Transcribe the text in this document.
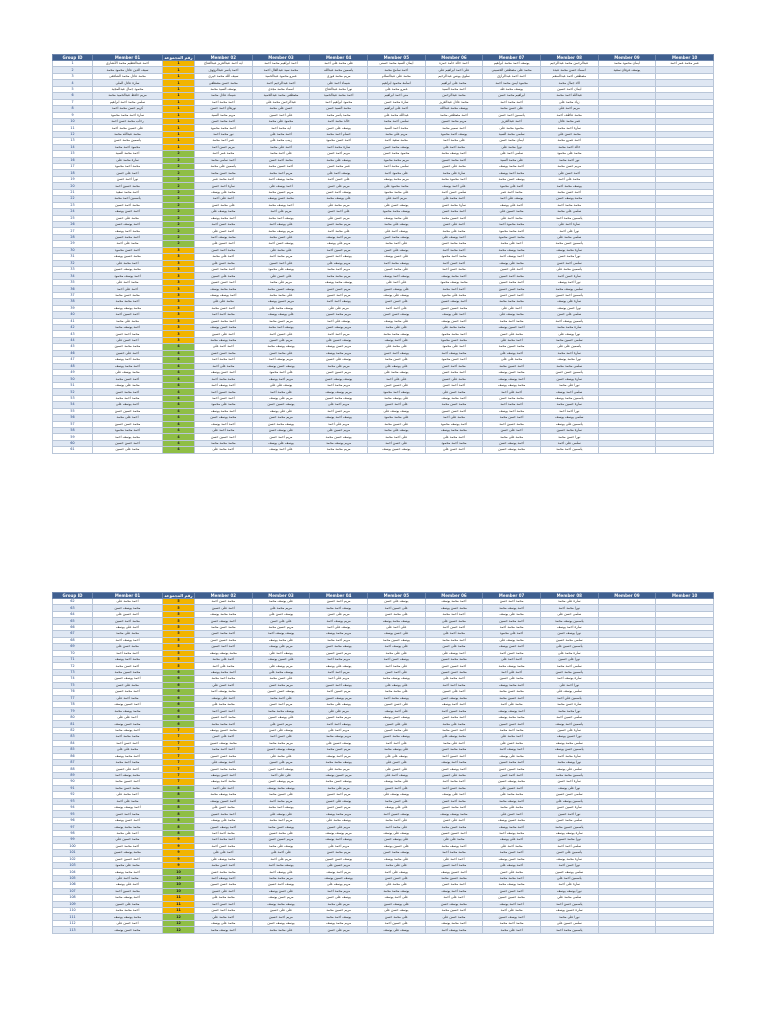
Group ID	Member 01	رقم المجموعة	Member 02	Member 03	Member 04	Member 05	Member 06	Member 07	Member 08	Member 09	Member 10
1	احمد عبدالعظيم محمد الأنصاري	1	ايه احمد عبدالعزيز عبدالفتاح	احمد ابراهيم محمد احمد	على محمد على احمد	ايمان السيد محمد حسنى	احمد خالد حامد حمزه	يوسف احمد محمد ابراهيم	عبدالرحمن محمد عبدالرحيم	ايمان محمود محمد	عمر محمد عمر احمد
2	سيف الدين عادل محمود محمد	1	احمد ياسر عبدالرؤوف	محمد سيد عبدالعال احمد	ياسمين محمد عبدالله	احمد سامح محمد	على احمد ابراهيم على	محمد على مصطفى الحسينى	اسماء حسن محمد عبده	يوسف عرفان سعيد	
3	محمد عادل محمد الشافعى	1	سيف الله محمد خيرى	عمرو محمود عبدالحميد	مريم محمد فوزى	محمد على عبدالسلام	سلوى يونس عبدالرحيم	احمد احمد عبدالرازق	مصطفى احمد عبدالمنعم		
4	سارة عادل الملى	1	محمد حسن مصطفى	احمد عبدالرحيم احمد	شيماء احمد على	اسامة محمود ابراهيم	محمد على ابراهيم	محمود ايمن محمد احمد	الاء جمال محمد		
5	محمود جمال عبدالمجيد	1	يوسف السيد محمد	اسماء محمد مجدى	نورا محمد عبدالفتاح	عمرو محمد على	احمد محمد السيد	يوسف محمد طه	ايمان احمد حسين		
6	مريم حافظ عبدالحميد محمد	1	شيماء عادل محمد	مصطفى محمد عبدالحميد	احمد محمد عبدالحميد	منى احمد ابراهيم	محمد عبدالرحمن	ابراهيم محمد حسن	عبدالله احمد محمد		
7	سلمى محمد احمد ابراهيم	1	احمد محمد احمد	عبدالرحمن محمد على	محمود ابراهيم احمد	سارة محمد حسن	محمد عادل عبدالعزيز	احمد محمد احمد	زياد محمد على		
8	كريم حسن محمد احمد	1	نورهان احمد حسن	حسن على محمد	محمد السيد حسن	احمد على ابراهيم	يوسف محمد عبدالله	على حسن محمد	مريم احمد على		
9	سارة احمد محمد محمود	1	مريم محمد السيد	على احمد حسين	محمد ياسر محمد	عبدالله محمد على	احمد مصطفى محمد	ياسمين احمد حسن	محمد عاطف احمد		
10	رحاب محمد حسن احمد	1	احمد محمد حسن	محمود على محمد	خالد محمد احمد	سلمى احمد محمد	مريم محمد حسين	احمد عبدالعزيز	عمر محمد عادل		
11	على حسين محمد احمد	1	احمد محمد محمود	ايه محمد احمد	يوسف على حسن	محمد احمد السيد	احمد سمير محمد	محمود محمد على	سارة احمد محمد		
12	محمد عبدالله محمد	1	نور محمد احمد	احمد محمد على	حسام احمد محمد	مريم على محمد	يوسف احمد محمود	سلمى محمد السيد	محمد حسن على		
13	ياسمين محمد حسن	1	عمر احمد محمد	زينب محمد على	احمد حسن محمود	محمد سعيد احمد	على محمد احمد	ايمان محمد حسن	احمد عمرو محمد		
14	محمود احمد محمد	1	مريم حسن احمد	احمد على محمد	سارة محمد احمد	يوسف محمد حسن	محمد احمد على	نورا محمد على	خالد احمد محمد		
15	احمد محمد السيد	2	محمد عمر احمد	على احمد محمد	مريم احمد حسن	محمود محمد حسن	احمد يوسف محمد	سلمى احمد على	محمد على محمود		
16	سارة محمد على	2	احمد سامى محمد	محمد احمد حسن	يوسف على محمد	مريم محمد محمود	احمد محمد حسين	على محمد السيد	نور احمد محمد		
17	محمد احمد محمود	2	ياسمين على محمد	احمد حسين محمد	عمر محمد حسن	سلمى محمد احمد	محمد على حسين	احمد محمد يوسف	مريم حسن محمد		
18	احمد على حسن	2	محمد حسن محمد	مريم احمد محمد	يوسف احمد على	على محمود احمد	سارة على محمد	محمد احمد يوسف	احمد حسن على		
19	نورا احمد حسن	2	احمد محمد عمر	محمد يوسف احمد	على حسن احمد	مريم محمد يوسف	احمد محمود محمد	يوسف حسن محمد	محمد على احمد		
20	محمد حسين احمد	2	سارة احمد حسن	احمد يوسف على	مريم على حسن	محمد محمود على	على احمد يوسف	احمد على محمود	يوسف محمد احمد		
21	احمد محمد سعيد	2	محمد على يوسف	مريم حسين محمد	يوسف احمد حسن	على محمد محمود	سلمى حسن احمد	محمد احمد عمر	احمد حسن محمد		
22	ياسمين احمد محمد	2	احمد على احمد	محمد حسن يوسف	على يوسف محمد	مريم احمد على	احمد محمد على	يوسف على احمد	محمد يوسف حسن		
23	محمد احمد حسين	2	على محمد حسن	احمد يوسف محمد	مريم محمد على	يوسف حسن على	سارة محمد حسن	احمد على يوسف	محمد محمد احمد		
24	احمد حسن يوسف	2	محمد يوسف على	مريم على احمد	على احمد حسن	يوسف محمد محمود	احمد محمد حسن	محمد حسين على	سلمى على محمد		
25	محمد على حسن	2	احمد محمد يوسف	يوسف احمد محمد	مريم حسن على	على محمد يوسف	احمد حسين محمد	محمد احمد على	ياسمين محمد احمد		
26	احمد يوسف حسن	2	محمد حسن احمد	على يوسف احمد	مريم محمد حسن	يوسف على محمد	احمد على حسن	محمد محمود احمد	سارة احمد على		
27	محمد احمد يوسف	2	احمد حسن على	مريم يوسف محمد	على محمد احمد	يوسف احمد على	محمد على محمد	احمد محمد محمود	نورا على احمد		
28	احمد محمد حسين	2	محمد يوسف احمد	على حسن محمد	مريم احمد يوسف	يوسف محمد حسن	احمد يوسف على	محمد حسن محمود	سلمى محمد على		
29	محمد على احمد	2	احمد حسين على	يوسف حسن احمد	مريم على يوسف	على احمد محمد	محمد محمد حسن	احمد على محمد	ياسمين حسن محمد		
30	احمد حسن محمود	3	محمد احمد حسن	على محمد على	مريم حسين احمد	يوسف على حسن	احمد محمد احمد	محمد يوسف محمد	سارة محمد يوسف		
31	محمد حسين يوسف	3	احمد على محمد	مريم محمد احمد	يوسف احمد حسين	على حسن يوسف	محمد احمد محمود	احمد يوسف احمد	نورا محمد حسن		
32	احمد محمد على	3	محمد حسن علي	على احمد حسين	مريم يوسف على	يوسف محمد احمد	احمد حسن احمد	محمد على يوسف	سلمى احمد حسن		
33	محمد يوسف حسين	3	احمد محمد حسن	يوسف على محمود	مريم احمد محمد	على محمد حسين	محمد حسن احمد	احمد على حسين	ياسمين محمد على		
34	احمد يوسف محمود	3	محمد على حسين	على حسن علي	مريم محمد محمد	يوسف احمد يوسف	احمد محمد يوسف	محمد احمد حسين	سارة حسن احمد		
35	محمد احمد على	3	احمد حسن حسين	مريم على محمد	يوسف محمد يوسف	على احمد على	محمد يوسف محمود	احمد محمد حسين	نورا احمد يوسف		
36	احمد على احمد	3	محمد محمد يوسف	يوسف حسين محمد	مريم حسن حسن	على يوسف حسين	احمد احمد محمد	محمد حسن حسين	سلمى يوسف محمد		
37	محمد حسن محمد	3	احمد يوسف يوسف	على محمد محمد	مريم احمد حسين	يوسف على يوسف	محمد على محمود	احمد حسن حسن	ياسمين احمد حسين		
38	احمد محمد محمد	3	محمد على على	مريم حسين يوسف	يوسف احمد احمد	على حسن حسن	احمد يوسف حسين	محمد محمد محمد	سارة على يوسف		
39	محمد يوسف يوسف	3	احمد حسن محمد	يوسف محمد على	مريم على على	على احمد احمد	محمد حسين حسين	احمد على على	نورا حسن يوسف		
40	احمد حسين احمد	3	محمد احمد احمد	على يوسف يوسف	مريم محمد حسين	يوسف حسن حسن	احمد على يوسف	محمد يوسف على	سلمى على حسن		
41	محمد على محمد	3	احمد محمد حسين	مريم حسن محمد	يوسف على احمد	على محمد يوسف	احمد حسن يوسف	محمد احمد محمد	ياسمين يوسف احمد		
42	احمد يوسف محمد	3	محمد حسن يوسف	يوسف احمد محمد	مريم يوسف حسن	على على محمد	محمد محمد على	احمد حسين يوسف	سارة محمد محمد		
43	محمد احمد حسن	3	احمد على حسين	على حسين احمد	مريم احمد احمد	يوسف محمد محمد	احمد محمد محمود	محمد على حسن	نورا يوسف على		
44	احمد حسن على	3	محمد يوسف محمد	مريم على حسين	يوسف حسين على	على احمد يوسف	محمد حسن محمود	احمد محمد على	سلمى حسين محمد		
45	محمد محمد حسين	4	احمد احمد على	يوسف يوسف محمد	مريم حسن يوسف	على محمد على	احمد على محمود	محمد حسين محمد	ياسمين على على		
46	احمد على حسين	4	محمد حسن حسن	على محمد حسن	مريم محمد يوسف	يوسف احمد حسن	محمد يوسف احمد	احمد يوسف على	سارة احمد محمد		
47	محمد احمد يوسف	4	احمد محمد احمد	مريم يوسف احمد	يوسف على حسين	على حسن محمد	احمد حسن محمود	محمد على على	نورا محمد يوسف		
48	احمد محمد يوسف	4	محمد على احمد	يوسف حسن يوسف	مريم على محمد	على يوسف على	محمد احمد حسن	احمد حسين محمد	سلمى محمد محمد		
49	محمد يوسف على	4	احمد حسن يوسف	على احمد محمود	مريم حسين حسن	يوسف محمد على	احمد محمد حسن	محمد حسن يوسف	ياسمين حسن حسن		
50	احمد حسن محمد	4	محمد محمد احمد	مريم احمد يوسف	يوسف يوسف حسن	على على احمد	محمد على حسين	احمد يوسف يوسف	سارة يوسف حسن		
51	محمد على يوسف	4	احمد يوسف احمد	يوسف على على	مريم محمد احمد	على حسين حسن	احمد احمد حسن	محمد يوسف يوسف	نورا على محمد		
52	احمد محمد حسن	4	محمد حسين احمد	على محمد احمد	مريم يوسف يوسف	يوسف احمد محمود	محمد حسن على	احمد على احمد	سلمى احمد يوسف		
53	محمد احمد محمد	4	احمد حسن احمد	مريم على يوسف	يوسف محمد حسين	على يوسف محمد	احمد محمد يوسف	محمد محمد حسن	ياسمين محمد يوسف		
54	احمد يوسف على	4	محمد على محمود	يوسف حسين حسن	مريم احمد على	على احمد حسين	محمد حسن محمد	احمد محمد احمد	سارة حسين محمد		
55	محمد حسين حسن	4	احمد محمد يوسف	على على يوسف	مريم حسن احمد	يوسف يوسف على	احمد حسن حسين	محمد احمد يوسف	نورا احمد احمد		
56	احمد على محمد	4	محمد يوسف حسن	مريم محمد حسن	يوسف احمد يوسف	على محمد محمود	محمد على احمد	احمد حسن محمد	سلمى يوسف يوسف		
57	محمد حسن حسين	4	احمد احمد يوسف	يوسف محمد حسن	مريم على احمد	على حسين محمد	احمد يوسف محمود	محمد حسين احمد	ياسمين على يوسف		
58	احمد محمد محمود	4	محمد احمد على	على يوسف حسن	مريم حسين على	يوسف على محمد	محمد محمد يوسف	احمد على حسن	سارة محمد حسين		
59	محمد يوسف احمد	4	احمد حسين حسن	مريم احمد حسن	يوسف حسن محمد	على احمد محمد	احمد محمد على	محمد على محمد	نورا حسن محمد		
60	احمد حسن حسين	4	محمد محمد محمد	يوسف على يوسف	مريم يوسف محمد	على حسن احمد	محمد احمد محمود	احمد يوسف حسن	سلمى على احمد		
61	محمد على حسين	4	احمد محمد على	على احمد يوسف	مريم محمد محمد	يوسف حسين يوسف	احمد حسن علي	محمد يوسف حسين	ياسمين احمد محمد		
Group ID	Member 01	رقم المجموعة	Member 02	Member 03	Member 04	Member 05	Member 06	Member 07	Member 08	Member 09	Member 10
62	احمد محمد على	5	محمد حسن احمد	على يوسف محمد	مريم احمد حسين	يوسف على حسن	احمد محمد يوسف	محمد احمد حسن	سارة على محمد		
63	محمد يوسف حسن	5	احمد على حسين	مريم محمد على	يوسف احمد محمد	على حسين احمد	محمد حسن يوسف	احمد يوسف محمد	نورا محمد احمد		
64	احمد حسين على	5	محمد محمد يوسف	يوسف حسن على	مريم على حسن	على محمد حسن	احمد احمد محمد	محمد على يوسف	سلمى حسن على		
65	محمد احمد حسين	5	احمد يوسف حسن	على على حسن	مريم يوسف احمد	يوسف محمد يوسف	محمد حسين على	احمد محمد حسين	ياسمين يوسف محمد		
66	احمد على يوسف	5	محمد حسن محمد	مريم حسين محمد	يوسف على احمد	على احمد على	احمد حسن احمد	محمد محمد احمد	سارة احمد يوسف		
67	محمد على محمد	5	احمد محمد حسن	يوسف يوسف احمد	مريم محمد يوسف	على حسن يوسف	محمد احمد على	احمد على محمود	نورا يوسف حسن		
68	احمد يوسف احمد	5	محمد حسين حسن	على محمد يوسف	مريم احمد محمد	يوسف حسين محمد	احمد محمد محمد	محمد يوسف على	سلمى محمد حسين		
69	محمد حسن على	5	احمد احمد حسين	مريم على يوسف	يوسف محمد حسن	على يوسف احمد	محمد على حسن	احمد حسن يوسف	ياسمين حسين على		
70	احمد محمد احمد	5	محمد يوسف يوسف	يوسف احمد على	مريم حسن حسين	على على محمد	احمد يوسف على	محمد حسن احمد	سارة محمد على		
71	محمد احمد يوسف	5	احمد على محمد	على حسين يوسف	مريم محمد احمد	يوسف حسن احمد	محمد محمد حسين	احمد احمد على	نورا على حسين		
72	احمد حسن محمد	5	محمد على احمد	مريم يوسف على	يوسف على يوسف	على محمد احمد	احمد حسين حسن	محمد يوسف محمد	سلمى احمد محمد		
73	محمد حسين محمد	6	احمد محمد يوسف	يوسف محمد على	مريم احمد احمد	على احمد حسن	محمد حسن حسين	احمد على احمد	ياسمين محمد حسن		
74	احمد يوسف حسين	6	محمد احمد محمد	على حسن محمد	مريم على احمد	يوسف يوسف محمد	احمد محمد على	محمد على حسين	سارة يوسف احمد		
75	محمد على حسن	6	احمد حسن علي	مريم محمد حسن	يوسف احمد حسين	على يوسف على	محمد احمد احمد	احمد محمد يوسف	نورا احمد على		
76	احمد محمد حسين	6	محمد يوسف احمد	يوسف حسن حسين	مريم حسين احمد	على محمد محمد	احمد على حسين	محمد حسن محمد	سلمى يوسف على		
77	محمد احمد على	6	احمد على يوسف	على احمد محمد	مريم يوسف حسين	يوسف محمد احمد	محمد يوسف حسن	احمد حسين محمد	ياسمين علي احمد		
78	احمد حسين يوسف	6	محمد محمد على	مريم احمد حسن	يوسف على محمد	على حسن حسين	احمد احمد يوسف	محمد على احمد	سارة حسن محمد		
79	محمد يوسف محمد	6	احمد حسن احمد	يوسف محمد محمد	مريم على على	على احمد يوسف	محمد حسين احمد	احمد يوسف يوسف	نورا محمد محمد		
80	احمد على على	6	محمد احمد حسين	على يوسف حسين	مريم محمد حسين	يوسف حسن يوسف	احمد محمد حسن	محمد محمد يوسف	سلمى حسين احمد		
81	محمد حسن يوسف	6	احمد محمد محمد	مريم حسن على	يوسف احمد احمد	على على حسين	محمد على محمد	احمد حسن حسين	ياسمين احمد يوسف		
82	احمد يوسف محمد	7	محمد حسين يوسف	يوسف على حسن	مريم احمد على	على محمد حسين	احمد حسن محمد	محمد احمد محمد	سارة على حسين		
83	محمد محمد احمد	7	احمد على حسن	على حسن احمد	مريم يوسف محمد	يوسف محمد حسين	محمد يوسف على	احمد محمد على	نورا حسين يوسف		
84	احمد حسن احمد	7	محمد يوسف حسين	مريم محمد محمد	يوسف حسين على	على احمد احمد	احمد على محمد	محمد حسن على	سلمى محمد يوسف		
85	محمد على على	7	احمد احمد محمد	يوسف يوسف حسين	مريم حسن محمد	على يوسف محمد	محمد محمد حسن	احمد يوسف احمد	ياسمين حسن يوسف		
86	احمد محمد يوسف	7	محمد حسن حسين	على محمد على	مريم احمد يوسف	يوسف على على	احمد حسين احمد	محمد على يوسف	سارة محمد احمد		
87	محمد احمد محمد	7	احمد يوسف على	مريم على حسين	يوسف محمد محمد	على حسن على	محمد احمد يوسف	احمد محمد حسين	نورا يوسف محمد		
88	احمد على حسين	7	محمد محمد حسين	يوسف احمد حسن	مريم محمد على	على حسين على	احمد يوسف حسن	محمد حسين حسن	سلمى علي يوسف		
89	محمد يوسف احمد	7	احمد حسن يوسف	على على احمد	مريم حسين يوسف	يوسف احمد على	محمد على حسين	احمد احمد حسن	ياسمين محمد محمد		
90	احمد حسين محمد	7	محمد احمد يوسف	مريم يوسف حسن	يوسف حسن محمد	على محمد يوسف	احمد محمد احمد	محمد يوسف حسين	سارة احمد حسن		
91	محمد حسن محمد	8	احمد على احمد	يوسف محمد يوسف	مريم على محمد	على احمد حسين	محمد حسن احمد	احمد حسين على	نورا على يوسف		
92	احمد محمد على	8	محمد يوسف محمد	على حسين محمد	مريم احمد حسين	يوسف يوسف على	احمد على يوسف	محمد محمد على	سلمى حسن حسين		
93	محمد على احمد	8	احمد حسين يوسف	مريم محمد احمد	يوسف على حسين	على حسن محمد	محمد احمد حسن	احمد يوسف محمد	ياسمين يوسف على		
94	احمد يوسف يوسف	8	محمد حسن على	يوسف احمد محمد	مريم حسن حسن	على على يوسف	احمد محمد حسين	محمد على محمد	سارة حسين حسن		
95	محمد احمد حسن	8	احمد محمد حسين	على يوسف على	مريم محمد يوسف	يوسف حسين احمد	محمد يوسف يوسف	احمد حسن على	نورا احمد حسين		
96	احمد حسن يوسف	8	محمد على يوسف	مريم احمد محمد	يوسف محمد على	على احمد محمد	احمد على حسن	محمد حسين يوسف	سلمى محمد حسن		
97	محمد محمد يوسف	8	احمد يوسف حسين	يوسف حسن محمد	مريم على حسين	على محمد احمد	محمد حسن محمد	احمد محمد يوسف	ياسمين حسين محمد		
98	احمد على محمد	8	محمد احمد احمد	على محمد حسين	مريم يوسف يوسف	يوسف على يوسف	احمد حسين حسين	محمد يوسف احمد	سارة يوسف يوسف		
99	محمد حسين علي	9	احمد محمد احمد	مريم حسين حسن	يوسف احمد يوسف	على يوسف حسن	محمد على على	احمد على يوسف	نورا محمد حسين		
100	احمد محمد حسن	9	محمد حسن احمد	يوسف على محمد	مريم احمد على	على حسين يوسف	احمد يوسف محمد	محمد احمد على	سلمى احمد احمد		
101	محمد يوسف حسين	9	احمد على على	على احمد على	مريم محمد حسن	يوسف محمد حسن	محمد محمد احمد	احمد حسن محمد	ياسمين على حسن		
102	احمد حسين حسن	9	محمد يوسف على	مريم على احمد	يوسف حسن حسين	على محمد يوسف	احمد احمد على	محمد حسن يوسف	سارة محمد يوسف		
103	محمد على محمود	9	احمد حسن محمد	يوسف محمد احمد	مريم حسين على	على على محمد	محمد احمد حسين	احمد يوسف على	نورا حسن احمد		
104	احمد محمد يوسف	10	محمد محمد حسن	على يوسف احمد	مريم احمد يوسف	يوسف على احمد	احمد حسين يوسف	محمد على حسن	سلمى يوسف حسين		
105	محمد احمد على	10	احمد يوسف احمد	مريم محمد محمد	يوسف حسين يوسف	على حسن حسن	محمد حسين محمد	احمد محمد محمد	ياسمين احمد علي		
106	احمد على يوسف	10	محمد حسن حسين	يوسف احمد حسين	مريم يوسف على	على محمد على	احمد محمد حسن	محمد يوسف محمد	سارة على احمد		
107	محمد حسين احمد	10	احمد على حسين	على حسن يوسف	مريم محمد احمد	يوسف محمد محمد	محمد احمد يوسف	احمد حسن حسن	نورا يوسف يوسف		
108	احمد يوسف محمد	11	محمد محمد على	مريم حسن يوسف	يوسف على حسن	على احمد يوسف	احمد على احمد	محمد حسين حسين	سلمى محمد علي		
109	محمد على حسين	11	احمد حسن احمد	يوسف محمد يوسف	مريم على محمد	على يوسف حسين	محمد يوسف حسن	احمد احمد يوسف	ياسمين حسن احمد		
110	احمد محمد محمد	11	محمد احمد حسن	على على حسين	مريم حسين محمد	يوسف حسن على	احمد حسين محمد	محمد على احمد	سارة حسين يوسف		
111	محمد يوسف يوسف	12	احمد محمد علي	مريم احمد حسين	يوسف احمد محمد	على محمد حسن	محمد حسن على	احمد يوسف حسين	نورا على محمد		
112	احمد حسن على	12	محمد على يوسف	يوسف يوسف حسن	مريم محمد يوسف	على حسين احمد	احمد محمد يوسف	محمد احمد محمد	سلمى حسين على		
113	محمد حسن يوسف	12	احمد يوسف محمد	على محمد محمد	مريم على حسن	يوسف على يوسف	محمد يوسف احمد	احمد على محمد	ياسمين محمد احمد		
